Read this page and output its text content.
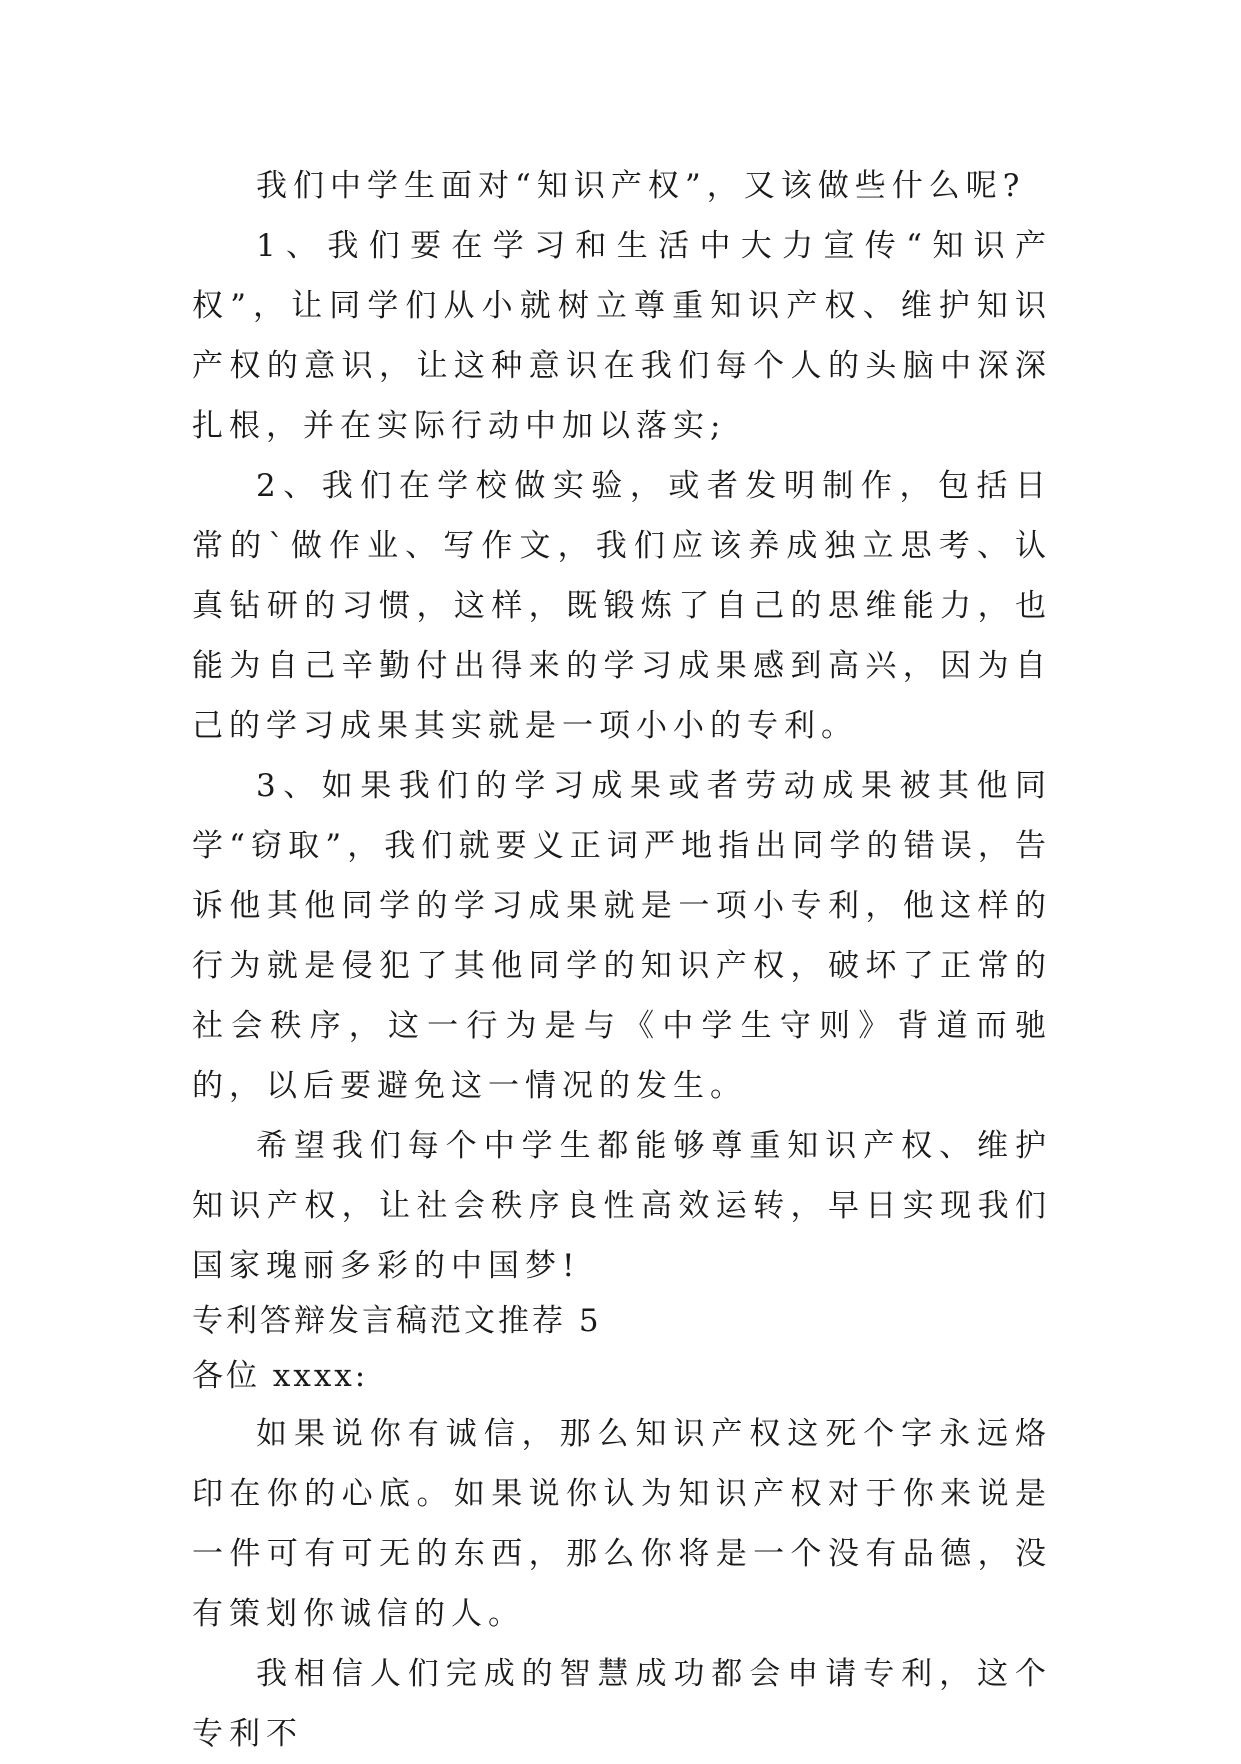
我们中学生面对“知识产权”，又该做些什么呢?

1、我们要在学习和生活中大力宣传“知识产权”，让同学们从小就树立尊重知识产权、维护知识产权的意识，让这种意识在我们每个人的头脑中深深扎根，并在实际行动中加以落实;

2、我们在学校做实验，或者发明制作，包括日常的`做作业、写作文，我们应该养成独立思考、认真钻研的习惯，这样，既锻炼了自己的思维能力，也能为自己辛勤付出得来的学习成果感到高兴，因为自己的学习成果其实就是一项小小的专利。

3、如果我们的学习成果或者劳动成果被其他同学“窃取”，我们就要义正词严地指出同学的错误，告诉他其他同学的学习成果就是一项小专利，他这样的行为就是侵犯了其他同学的知识产权，破坏了正常的社会秩序，这一行为是与《中学生守则》背道而驰的，以后要避免这一情况的发生。

希望我们每个中学生都能够尊重知识产权、维护知识产权，让社会秩序良性高效运转，早日实现我们国家瑰丽多彩的中国梦!

专利答辩发言稿范文推荐 5

各位 xxxx:

如果说你有诚信，那么知识产权这死个字永远烙印在你的心底。如果说你认为知识产权对于你来说是一件可有可无的东西，那么你将是一个没有品德，没有策划你诚信的人。

我相信人们完成的智慧成功都会申请专利，这个专利不
